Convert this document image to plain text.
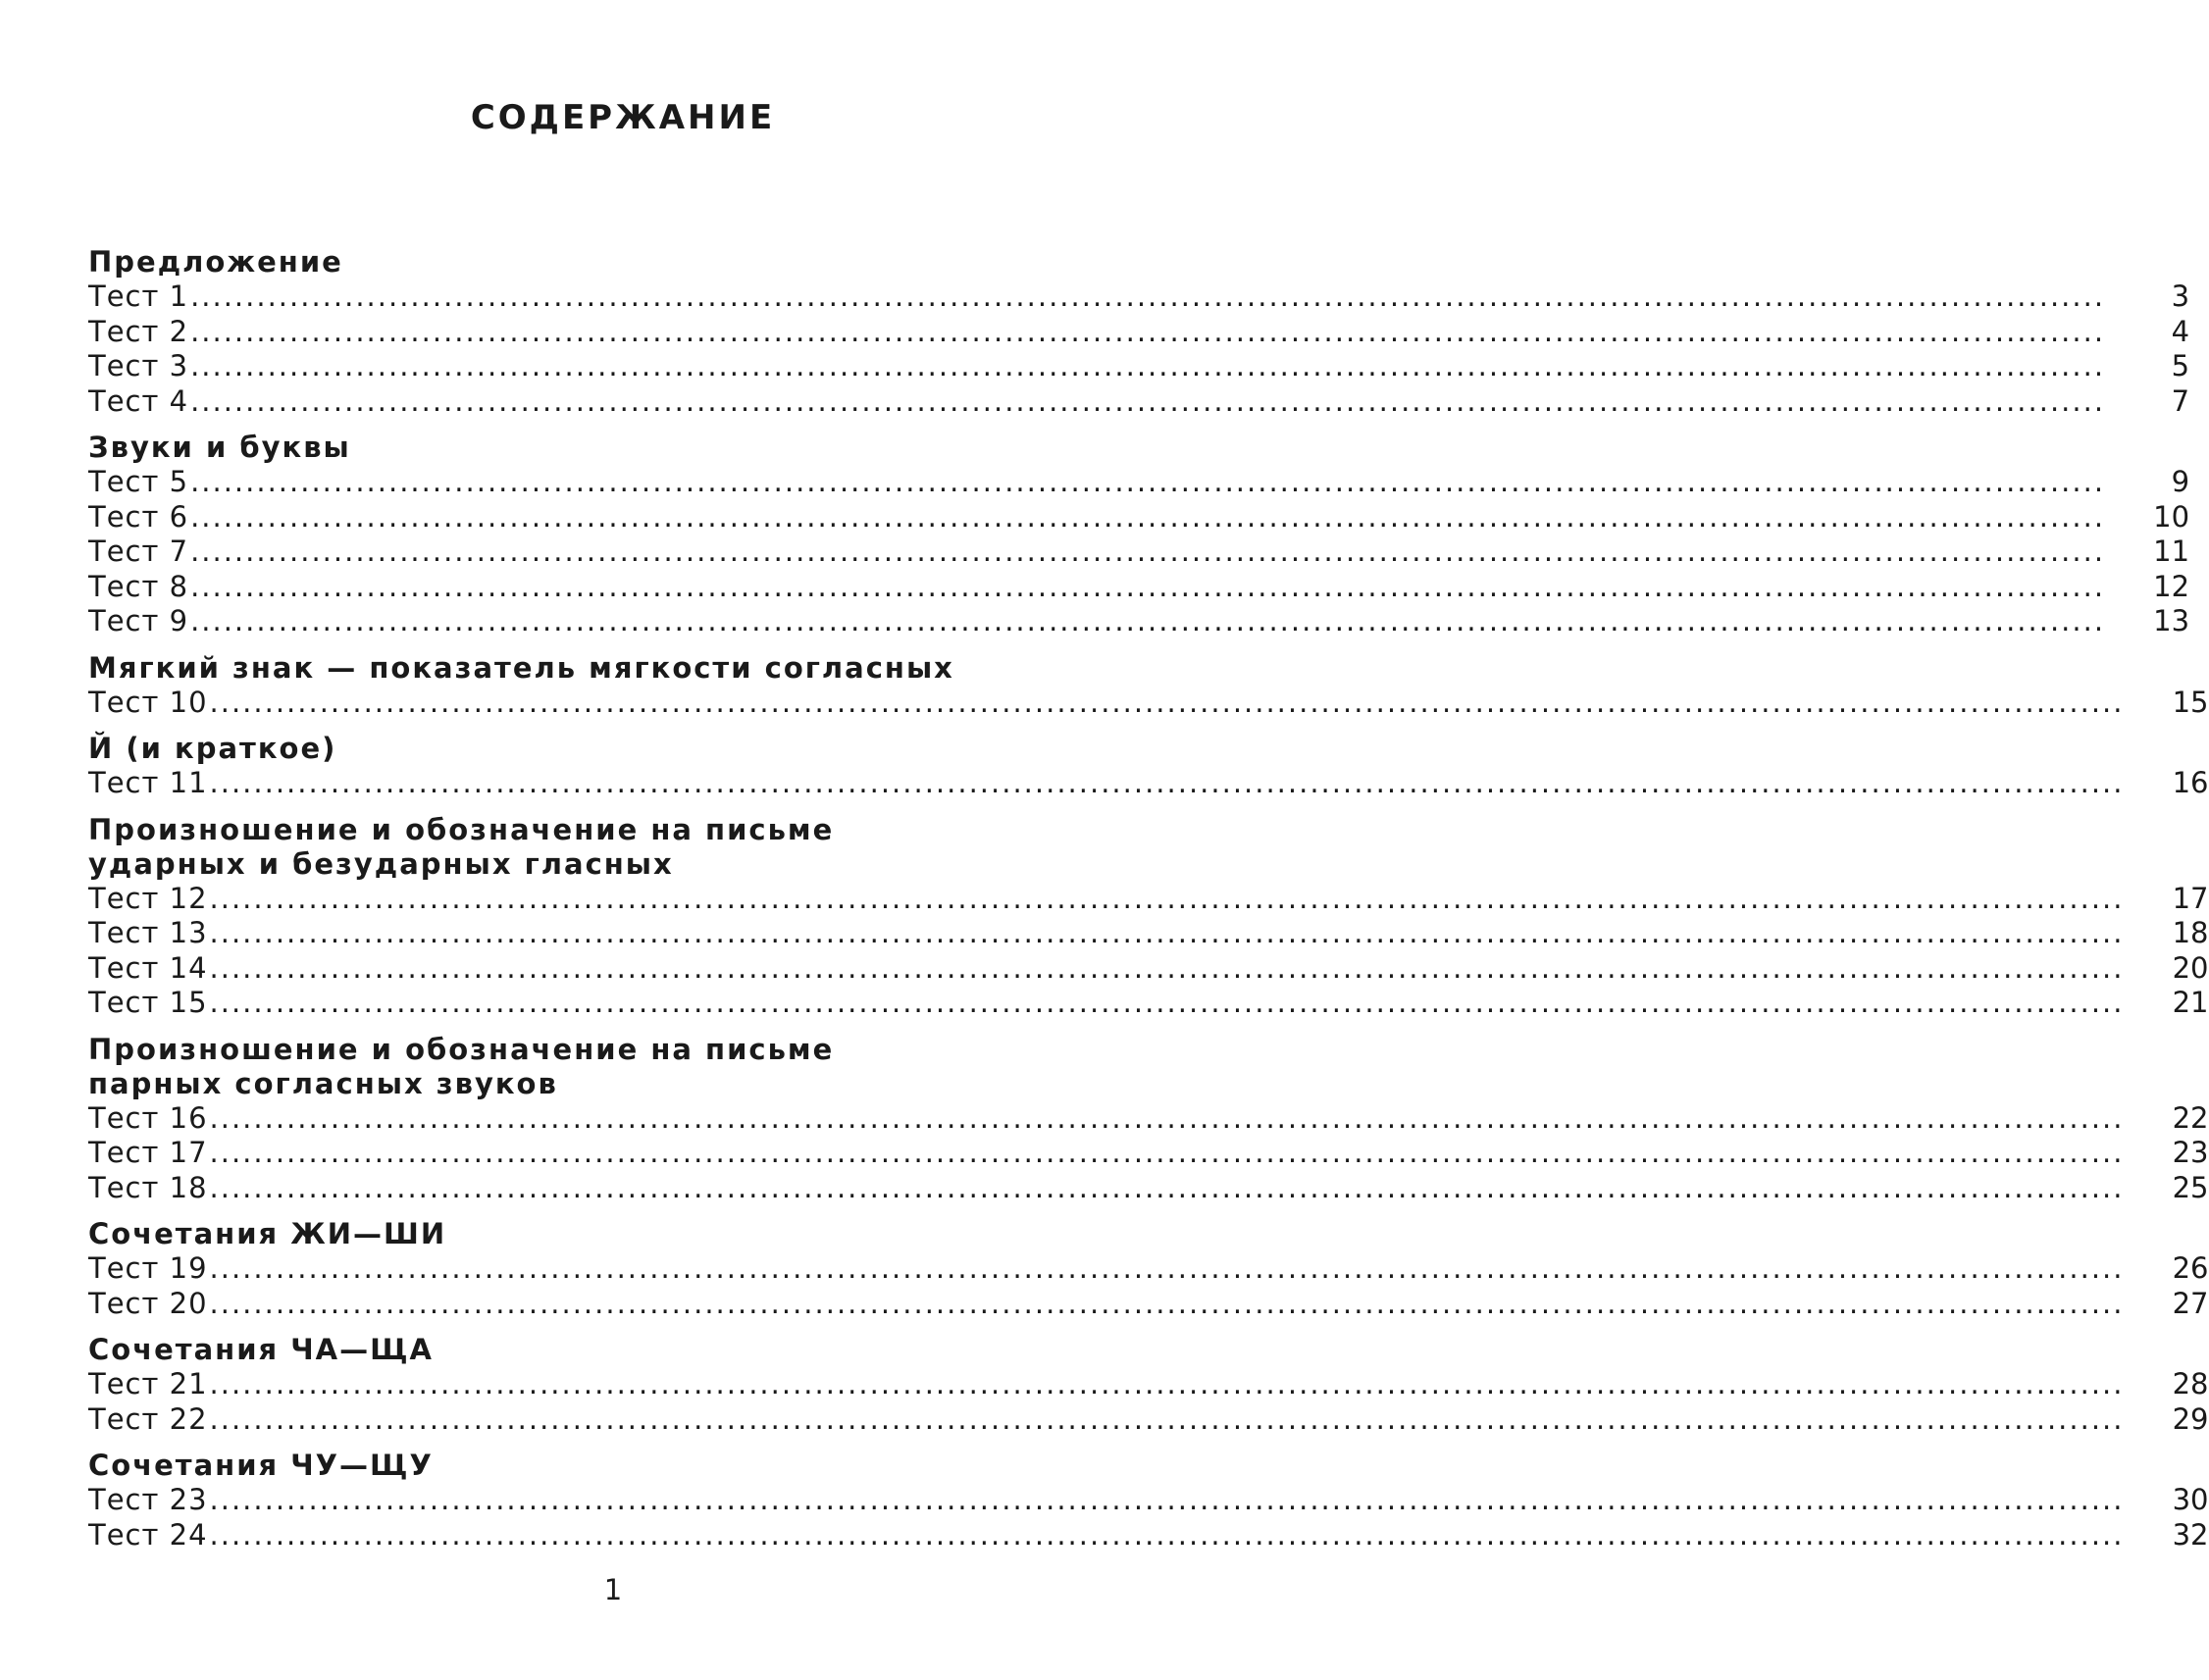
СОДЕРЖАНИЕ
Предложение
Тест 1 ..............................................................................................................................................................................	3
Тест 2 ..............................................................................................................................................................................	4
Тест 3 ..............................................................................................................................................................................	5
Тест 4 ..............................................................................................................................................................................	7
Звуки и буквы
Тест 5 ..............................................................................................................................................................................	9
Тест 6 ..............................................................................................................................................................................	10
Тест 7 ..............................................................................................................................................................................	11
Тест 8 ..............................................................................................................................................................................	12
Тест 9 ..............................................................................................................................................................................	13
Мягкий знак — показатель мягкости согласных
Тест 10 ..............................................................................................................................................................................	15
Й (и краткое)
Тест 11 ..............................................................................................................................................................................	16
Произношение и обозначение на письме ударных и безударных гласных
Тест 12 ..............................................................................................................................................................................	17
Тест 13 ..............................................................................................................................................................................	18
Тест 14 ..............................................................................................................................................................................	20
Тест 15 ..............................................................................................................................................................................	21
Произношение и обозначение на письме парных согласных звуков
Тест 16 ..............................................................................................................................................................................	22
Тест 17 ..............................................................................................................................................................................	23
Тест 18 ..............................................................................................................................................................................	25
Сочетания ЖИ—ШИ
Тест 19 ..............................................................................................................................................................................	26
Тест 20 ..............................................................................................................................................................................	27
Сочетания ЧА—ЩА
Тест 21 ..............................................................................................................................................................................	28
Тест 22 ..............................................................................................................................................................................	29
Сочетания ЧУ—ЩУ
Тест 23 ..............................................................................................................................................................................	30
Тест 24 ..............................................................................................................................................................................	32
1
